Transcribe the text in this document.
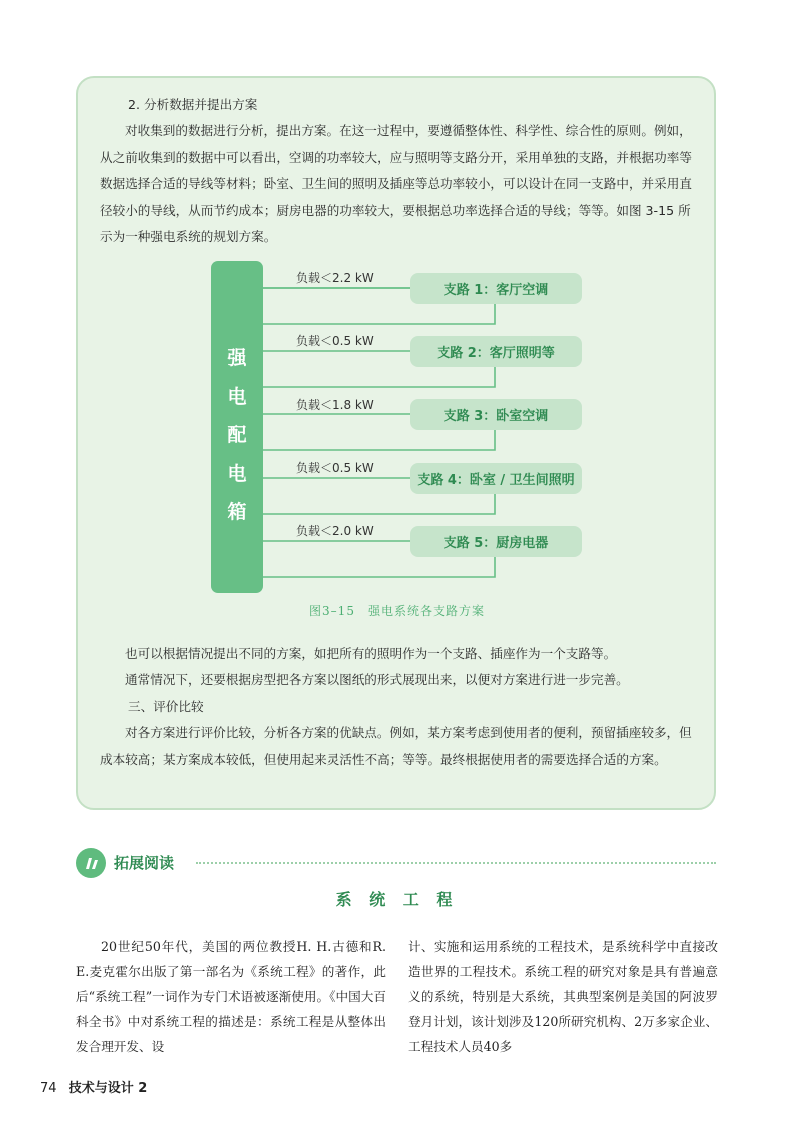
2. 分析数据并提出方案

对收集到的数据进行分析，提出方案。在这一过程中，要遵循整体性、科学性、综合性的原则。例如，从之前收集到的数据中可以看出，空调的功率较大，应与照明等支路分开，采用单独的支路，并根据功率等数据选择合适的导线等材料；卧室、卫生间的照明及插座等总功率较小，可以设计在同一支路中，并采用直径较小的导线，从而节约成本；厨房电器的功率较大，要根据总功率选择合适的导线；等等。如图 3-15 所示为一种强电系统的规划方案。

强
电
配
电
箱
负载＜2.2 kW
支路 1：客厅空调
负载＜0.5 kW
支路 2：客厅照明等
负载＜1.8 kW
支路 3：卧室空调
负载＜0.5 kW
支路 4：卧室 / 卫生间照明
负载＜2.0 kW
支路 5：厨房电器
图3–15　强电系统各支路方案

也可以根据情况提出不同的方案，如把所有的照明作为一个支路、插座作为一个支路等。

通常情况下，还要根据房型把各方案以图纸的形式展现出来，以便对方案进行进一步完善。

三、评价比较

对各方案进行评价比较，分析各方案的优缺点。例如，某方案考虑到使用者的便利，预留插座较多，但成本较高；某方案成本较低，但使用起来灵活性不高；等等。最终根据使用者的需要选择合适的方案。

拓展阅读
系 统 工 程

20世纪50年代，美国的两位教授H. H.古德和R. E.麦克霍尔出版了第一部名为《系统工程》的著作，此后“系统工程”一词作为专门术语被逐渐使用。《中国大百科全书》中对系统工程的描述是：系统工程是从整体出发合理开发、设

计、实施和运用系统的工程技术，是系统科学中直接改造世界的工程技术。系统工程的研究对象是具有普遍意义的系统，特别是大系统，其典型案例是美国的阿波罗登月计划，该计划涉及120所研究机构、2万多家企业、工程技术人员40多

74 技术与设计 2
